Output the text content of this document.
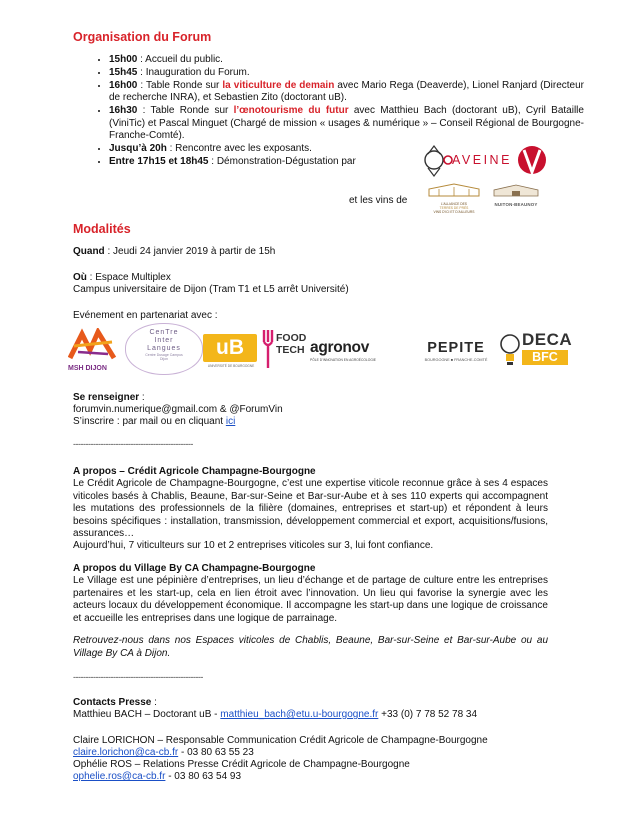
Organisation du Forum
• 15h00 : Accueil du public.
• 15h45 : Inauguration du Forum.
• 16h00 : Table Ronde sur la viticulture de demain avec Mario Rega (Deaverde), Lionel Ranjard (Directeur de recherche INRA), et Sebastien Zito (doctorant uB).
• 16h30 : Table Ronde sur l’œnotourisme du futur avec Matthieu Bach (doctorant uB), Cyril Bataille (ViniTic) et Pascal Minguet (Chargé de mission « usages & numérique » – Conseil Régional de Bourgogne-Franche-Comté).
• Jusqu’à 20h : Rencontre avec les exposants.
• Entre 17h15 et 18h45 : Démonstration-Dégustation par	AVEINE
et les vins de	L’ALLIANCE DES
TERRES DE PRÉS
VINS D’ICI ET D’AILLEURS
NUITON-BEAUNOY
Modalités
Quand : Jeudi 24 janvier 2019 à partir de 15h
Où : Espace Multiplex
Campus universitaire de Dijon (Tram T1 et L5 arrêt Université)
Evénement en partenariat avec :
MSH DIJON
CenTre
Inter
Langues
Centre Dusage Campus
Dijon
uB
UNIVERSITÉ DE BOURGOGNE
FOOD
TECH agronov
PÔLE D’INNOVATION EN AGROÉCOLOGIE
PEPITE
BOURGOGNE ■ FRANCHE-COMTÉ
DECA
BFC
Se renseigner :
forumvin.numerique@gmail.com & @ForumVin
S’inscrire : par mail ou en cliquant ici
------------------------------------------------
A propos – Crédit Agricole Champagne-Bourgogne
Le Crédit Agricole de Champagne-Bourgogne, c’est une expertise viticole reconnue grâce à ses 4 espaces viticoles basés à Chablis, Beaune, Bar-sur-Seine et Bar-sur-Aube et à ses 110 experts qui accompagnent les mutations des professionnels de la filière (domaines, entreprises et start-up) et répondent à leurs besoins spécifiques : installation, transmission, développement commercial et export, acquisitions/fusions, assurances…
Aujourd’hui, 7 viticulteurs sur 10 et 2 entreprises viticoles sur 3, lui font confiance.
A propos du Village By CA Champagne-Bourgogne
Le Village est une pépinière d’entreprises, un lieu d’échange et de partage de culture entre les entreprises partenaires et les start-up, cela en lien étroit avec l’innovation. Un lieu qui favorise la synergie avec les acteurs locaux du développement économique. Il accompagne les start-up dans une logique de croissance et accueille les entreprises dans une logique de parrainage.
Retrouvez-nous dans nos Espaces viticoles de Chablis, Beaune, Bar-sur-Seine et Bar-sur-Aube ou au Village By CA à Dijon.
----------------------------------------------------
Contacts Presse :
Matthieu BACH – Doctorant uB - matthieu_bach@etu.u-bourgogne.fr +33 (0) 7 78 52 78 34
Claire LORICHON – Responsable Communication Crédit Agricole de Champagne-Bourgogne
claire.lorichon@ca-cb.fr - 03 80 63 55 23
Ophélie ROS – Relations Presse Crédit Agricole de Champagne-Bourgogne
ophelie.ros@ca-cb.fr - 03 80 63 54 93
